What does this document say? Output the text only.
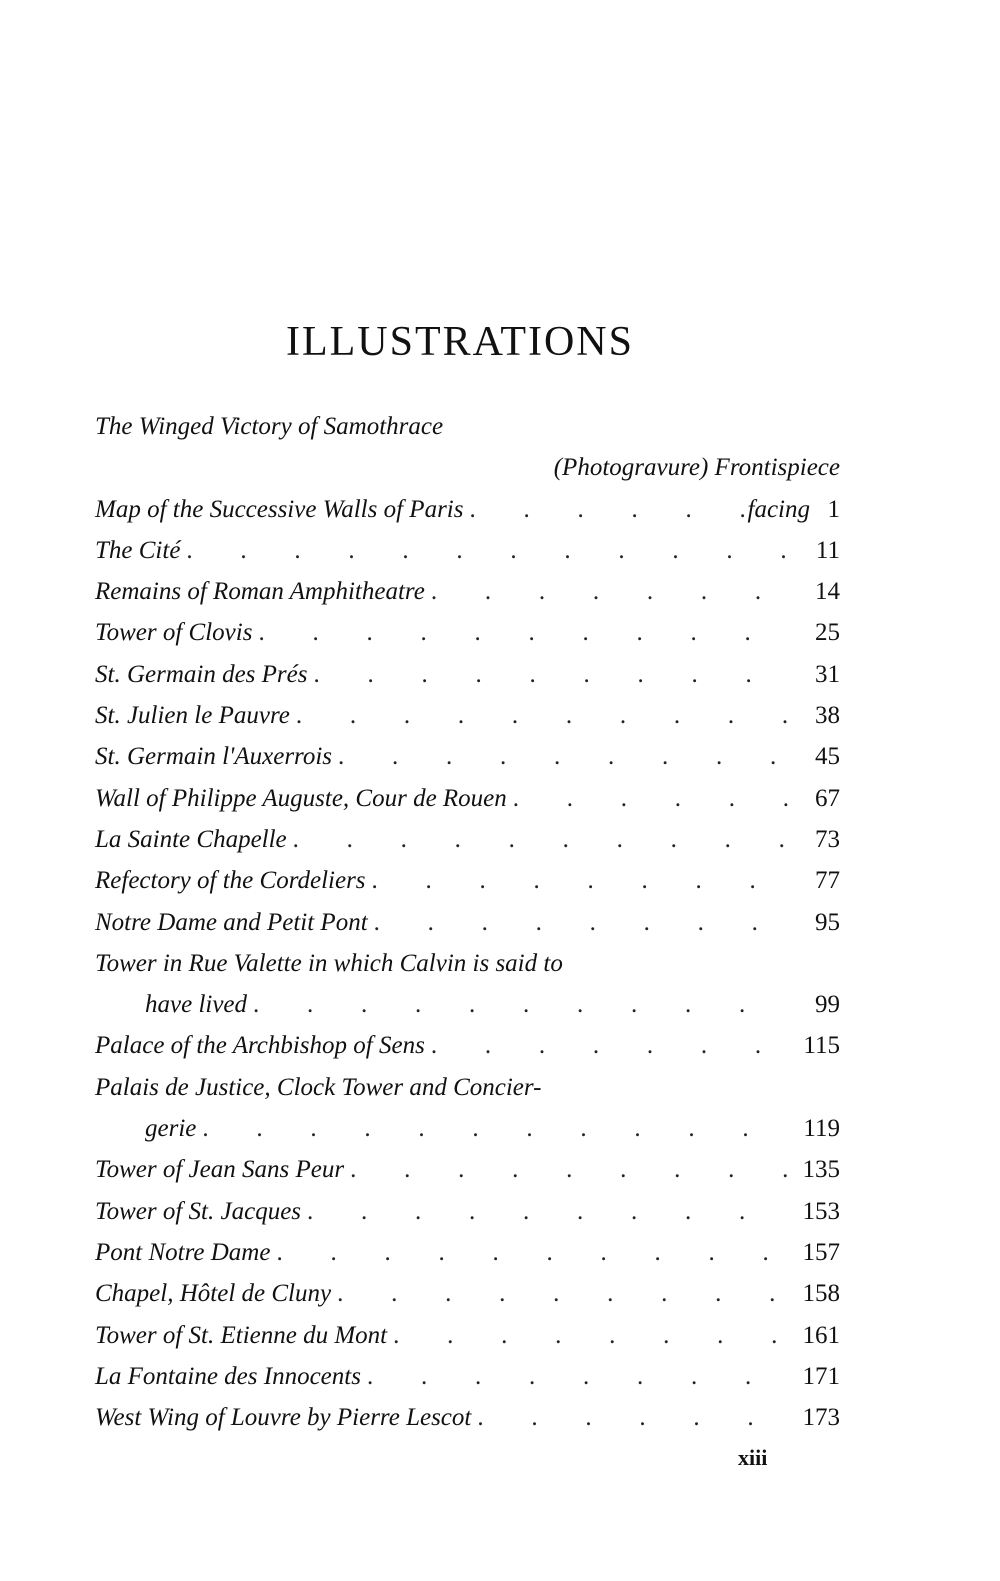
ILLUSTRATIONS
The Winged Victory of Samothrace
(Photogravure) Frontispiece
Map of the Successive Walls of Paris .	facing 1
The Cité .	11
Remains of Roman Amphitheatre .	14
Tower of Clovis .	25
St. Germain des Prés .	31
St. Julien le Pauvre .	38
St. Germain l'Auxerrois .	45
Wall of Philippe Auguste, Cour de Rouen .	67
La Sainte Chapelle .	73
Refectory of the Cordeliers .	77
Notre Dame and Petit Pont .	95
Tower in Rue Valette in which Calvin is said to
have lived .	99
Palace of the Archbishop of Sens .	115
Palais de Justice, Clock Tower and Concier-
gerie .	119
Tower of Jean Sans Peur .	135
Tower of St. Jacques .	153
Pont Notre Dame .	157
Chapel, Hôtel de Cluny .	158
Tower of St. Etienne du Mont .	161
La Fontaine des Innocents .	171
West Wing of Louvre by Pierre Lescot .	173
xiii
